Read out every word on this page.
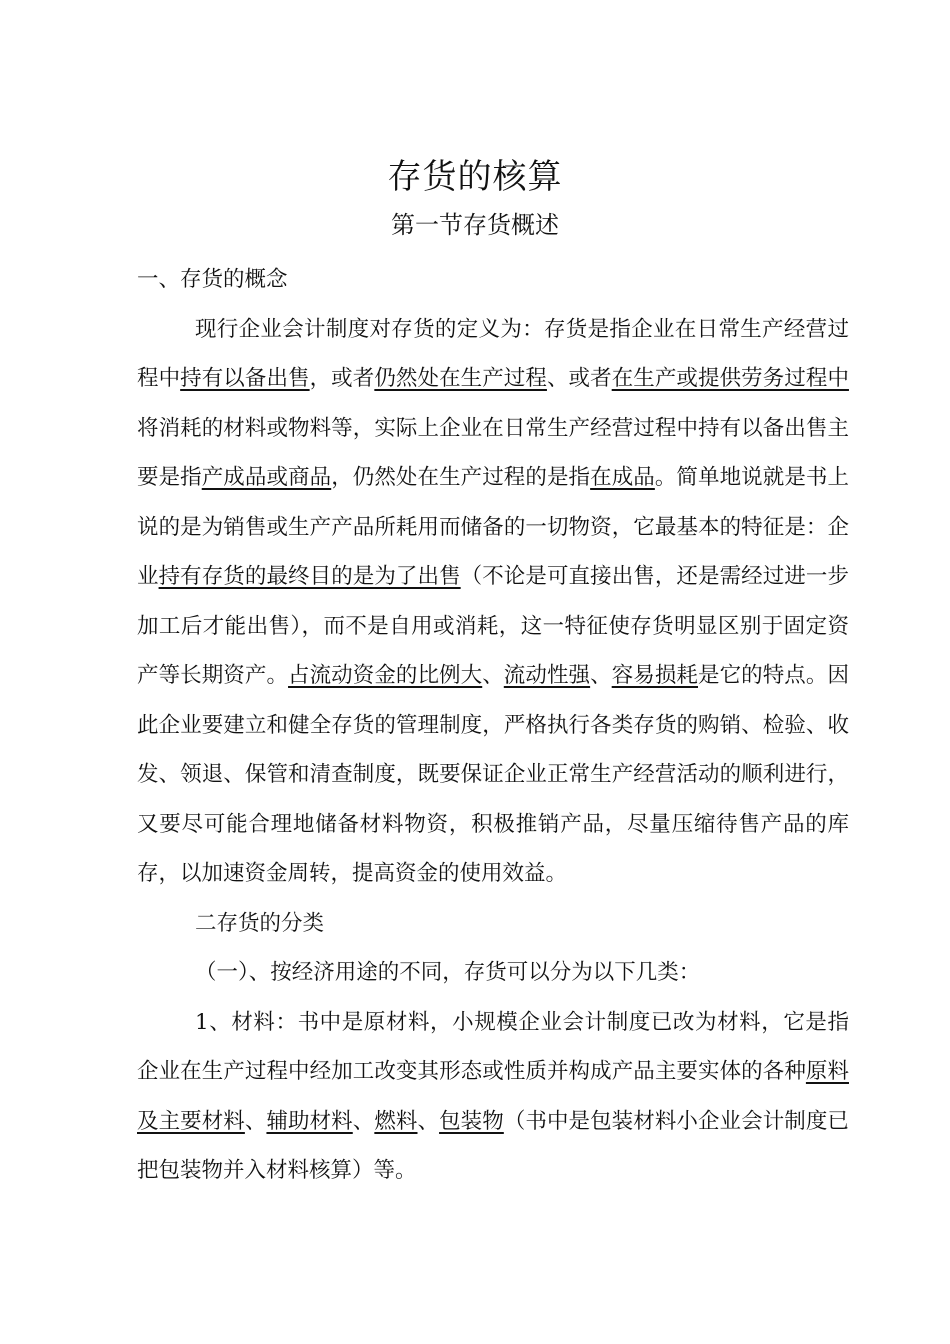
存货的核算
第一节存货概述

一、存货的概念

现行企业会计制度对存货的定义为：存货是指企业在日常生产经营过程中持有以备出售，或者仍然处在生产过程、或者在生产或提供劳务过程中将消耗的材料或物料等，实际上企业在日常生产经营过程中持有以备出售主要是指产成品或商品，仍然处在生产过程的是指在成品。简单地说就是书上说的是为销售或生产产品所耗用而储备的一切物资，它最基本的特征是：企业持有存货的最终目的是为了出售（不论是可直接出售，还是需经过进一步加工后才能出售），而不是自用或消耗，这一特征使存货明显区别于固定资产等长期资产。占流动资金的比例大、流动性强、容易损耗是它的特点。因此企业要建立和健全存货的管理制度，严格执行各类存货的购销、检验、收发、领退、保管和清查制度，既要保证企业正常生产经营活动的顺利进行，又要尽可能合理地储备材料物资，积极推销产品，尽量压缩待售产品的库存，以加速资金周转，提高资金的使用效益。

二存货的分类

（一）、按经济用途的不同，存货可以分为以下几类：

1、材料：书中是原材料，小规模企业会计制度已改为材料，它是指企业在生产过程中经加工改变其形态或性质并构成产品主要实体的各种原料及主要材料、辅助材料、燃料、包装物（书中是包装材料小企业会计制度已把包装物并入材料核算）等。
